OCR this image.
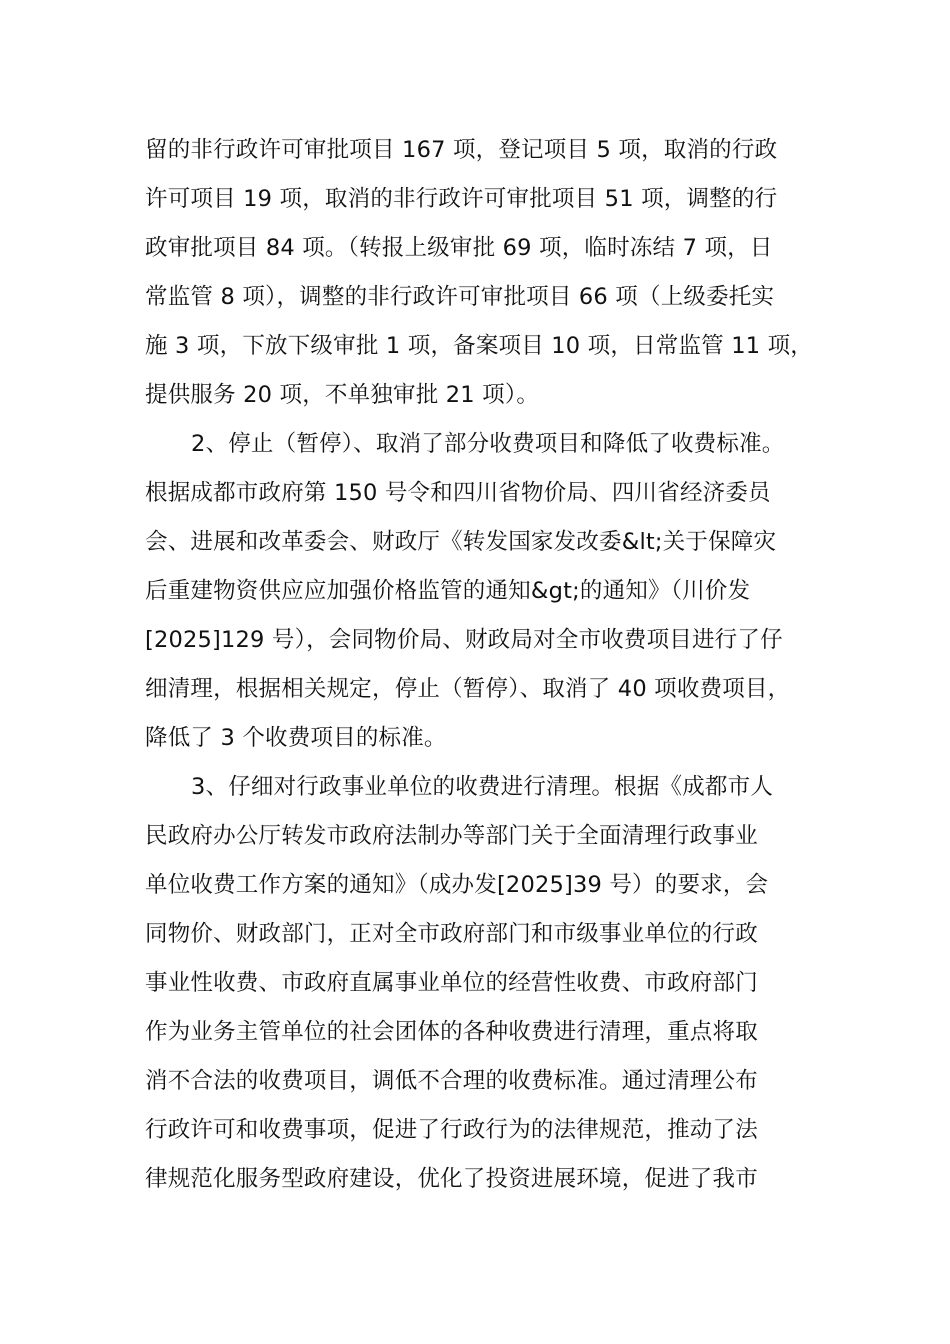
留的非行政许可审批项目 167 项，登记项目 5 项，取消的行政
许可项目 19 项，取消的非行政许可审批项目 51 项，调整的行
政审批项目 84 项。（转报上级审批 69 项，临时冻结 7 项，日
常监管 8 项），调整的非行政许可审批项目 66 项（上级委托实
施 3 项，下放下级审批 1 项，备案项目 10 项，日常监管 11 项，
提供服务 20 项，不单独审批 21 项）。
2、停止（暂停）、取消了部分收费项目和降低了收费标准。
根据成都市政府第 150 号令和四川省物价局、四川省经济委员
会、进展和改革委会、财政厅《转发国家发改委&lt;关于保障灾
后重建物资供应应加强价格监管的通知&gt;的通知》（川价发
[2025]129 号），会同物价局、财政局对全市收费项目进行了仔
细清理，根据相关规定，停止（暂停）、取消了 40 项收费项目，
降低了 3 个收费项目的标准。
3、仔细对行政事业单位的收费进行清理。根据《成都市人
民政府办公厅转发市政府法制办等部门关于全面清理行政事业
单位收费工作方案的通知》（成办发[2025]39 号）的要求，会
同物价、财政部门，正对全市政府部门和市级事业单位的行政
事业性收费、市政府直属事业单位的经营性收费、市政府部门
作为业务主管单位的社会团体的各种收费进行清理，重点将取
消不合法的收费项目，调低不合理的收费标准。通过清理公布
行政许可和收费事项，促进了行政行为的法律规范，推动了法
律规范化服务型政府建设，优化了投资进展环境，促进了我市
